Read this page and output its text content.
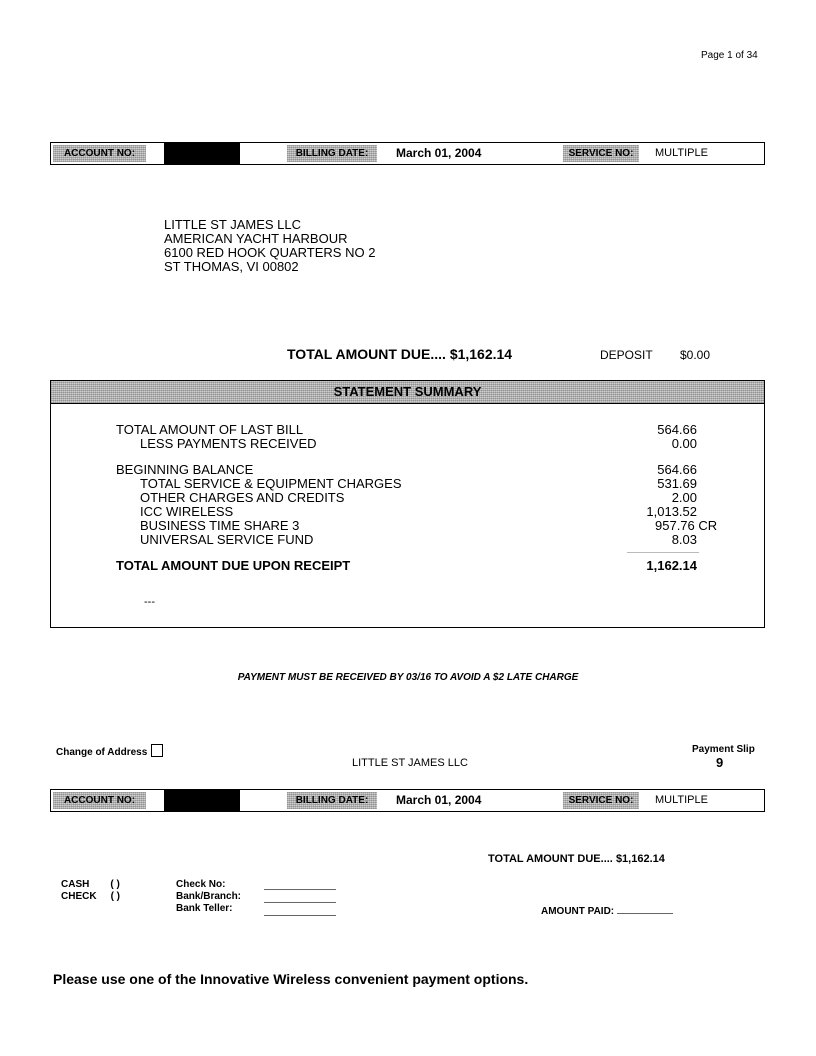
Page 1 of 34
ACCOUNT NO:	BILLING DATE:	March 01, 2004	SERVICE NO:	MULTIPLE
LITTLE ST JAMES LLC
AMERICAN YACHT HARBOUR
6100 RED HOOK QUARTERS NO 2
ST THOMAS, VI 00802
TOTAL AMOUNT DUE.... $1,162.14	DEPOSIT $0.00
STATEMENT SUMMARY
TOTAL AMOUNT OF LAST BILL	564.66
LESS PAYMENTS RECEIVED	0.00
BEGINNING BALANCE	564.66
TOTAL SERVICE & EQUIPMENT CHARGES	531.69
OTHER CHARGES AND CREDITS	2.00
ICC WIRELESS	1,013.52
BUSINESS TIME SHARE 3	957.76 CR
UNIVERSAL SERVICE FUND	8.03
TOTAL AMOUNT DUE UPON RECEIPT	1,162.14
---
PAYMENT MUST BE RECEIVED BY 03/16 TO AVOID A $2 LATE CHARGE
Change of Address	Payment Slip
9
LITTLE ST JAMES LLC
ACCOUNT NO:	BILLING DATE:	March 01, 2004	SERVICE NO:	MULTIPLE
TOTAL AMOUNT DUE.... $1,162.14
CASH ( )
CHECK ( )
Check No:
Bank/Branch:
Bank Teller:	AMOUNT PAID:
Please use one of the Innovative Wireless convenient payment options.
